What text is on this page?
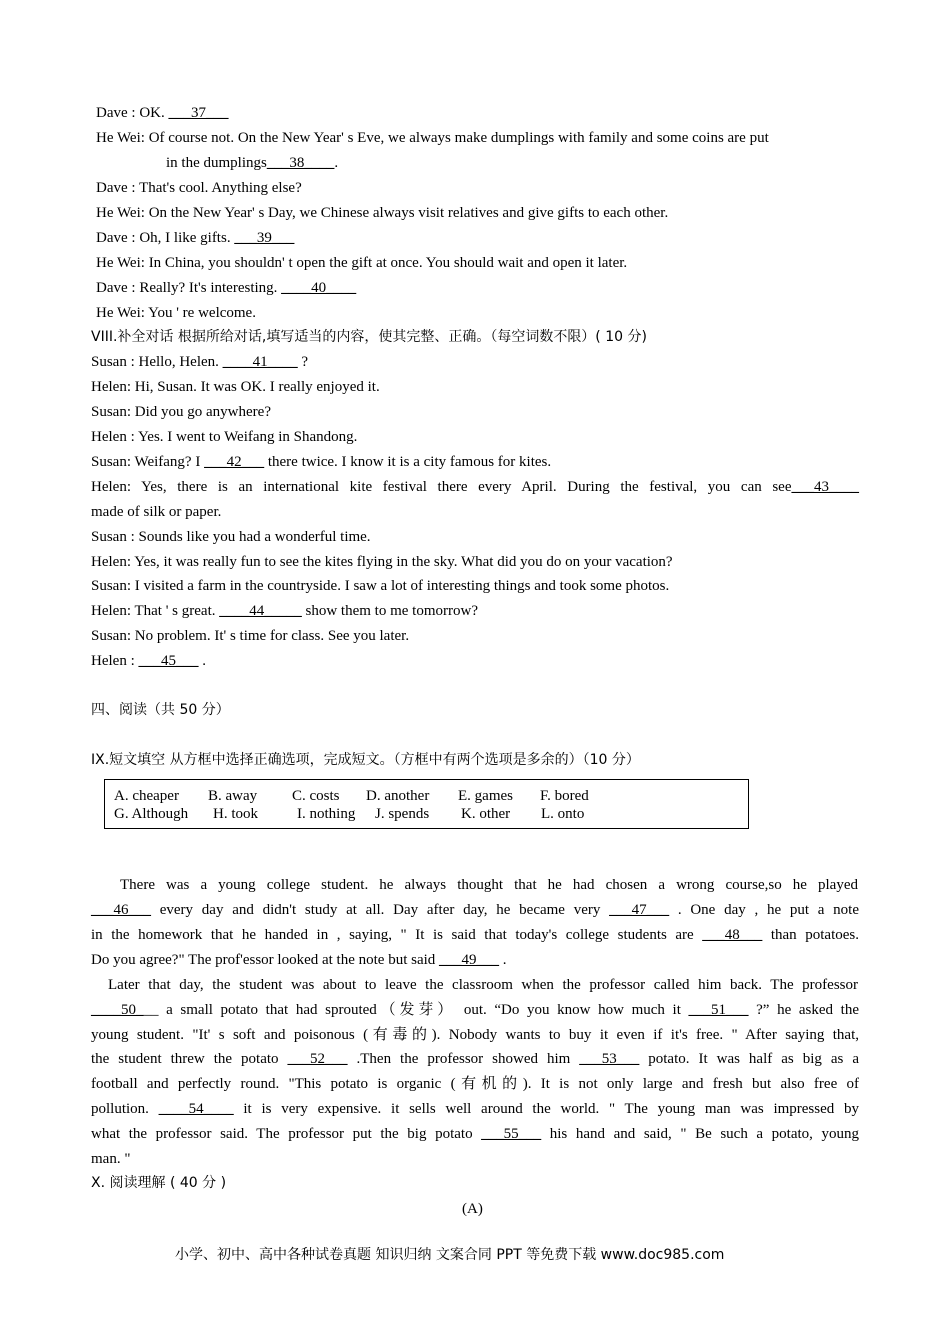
Dave : OK. ___37___
He Wei: Of course not. On the New Year' s Eve, we always make dumplings with family and some coins are put
in the dumplings___38____.
Dave : That's cool. Anything else?
He Wei: On the New Year' s Day, we Chinese always visit relatives and give gifts to each other.
Dave : Oh, I like gifts. ___39___
He Wei: In China, you shouldn' t open the gift at once. You should wait and open it later.
Dave : Really? It's interesting. ____40____
He Wei: You ' re welcome.
VIII.补全对话 根据所给对话,填写适当的内容，使其完整、正确。（每空词数不限）( 10 分)
Susan : Hello, Helen. ____41____ ?
Helen: Hi, Susan. It was OK. I really enjoyed it.
Susan: Did you go anywhere?
Helen : Yes. I went to Weifang in Shandong.
Susan: Weifang? I ___42___ there twice. I know it is a city famous for kites.
Helen: Yes, there is an international kite festival there every April. During the festival, you can see___43____
made of silk or paper.
Susan : Sounds like you had a wonderful time.
Helen: Yes, it was really fun to see the kites flying in the sky. What did you do on your vacation?
Susan: I visited a farm in the countryside. I saw a lot of interesting things and took some photos.
Helen: That ' s great. ____44_____ show them to me tomorrow?
Susan: No problem. It' s time for class. See you later.
Helen : ___45___ .
四、阅读（共 50 分）
IX.短文填空 从方框中选择正确选项，完成短文。（方框中有两个选项是多余的）（10 分）
A. cheaper B. away C. costs D. another E. games F. bored
G. Although H. took	I. nothing J. spends K. other L. onto
There was a young college student. he always thought that he had chosen a wrong course,so he played
___46___ every day and didn't study at all. Day after day, he became very ___47___ . One day , he put a note
in the homework that he handed in , saying, " It is said that today's college students are ___48___ than potatoes.
Do you agree?" The prof'essor looked at the note but said ___49___ .
Later that day, the student was about to leave the classroom when the professor called him back. The professor
____50___ a small potato that had sprouted（发芽） out. “Do you know how much it ___51___ ?” he asked the
young student. "It' s soft and poisonous (有毒的). Nobody wants to buy it even if it's free. " After saying that,
the student threw the potato ___52___ .Then the professor showed him ___53___ potato. It was half as big as a
football and perfectly round. "This potato is organic (有机的). It is not only large and fresh but also free of
pollution. ____54____ it is very expensive. it sells well around the world. " The young man was impressed by
what the professor said. The professor put the big potato ___55___ his hand and said, " Be such a potato, young
man. "
X. 阅读理解 ( 40 分 )
(A)
小学、初中、高中各种试卷真题 知识归纳 文案合同 PPT 等免费下载 www.doc985.com
